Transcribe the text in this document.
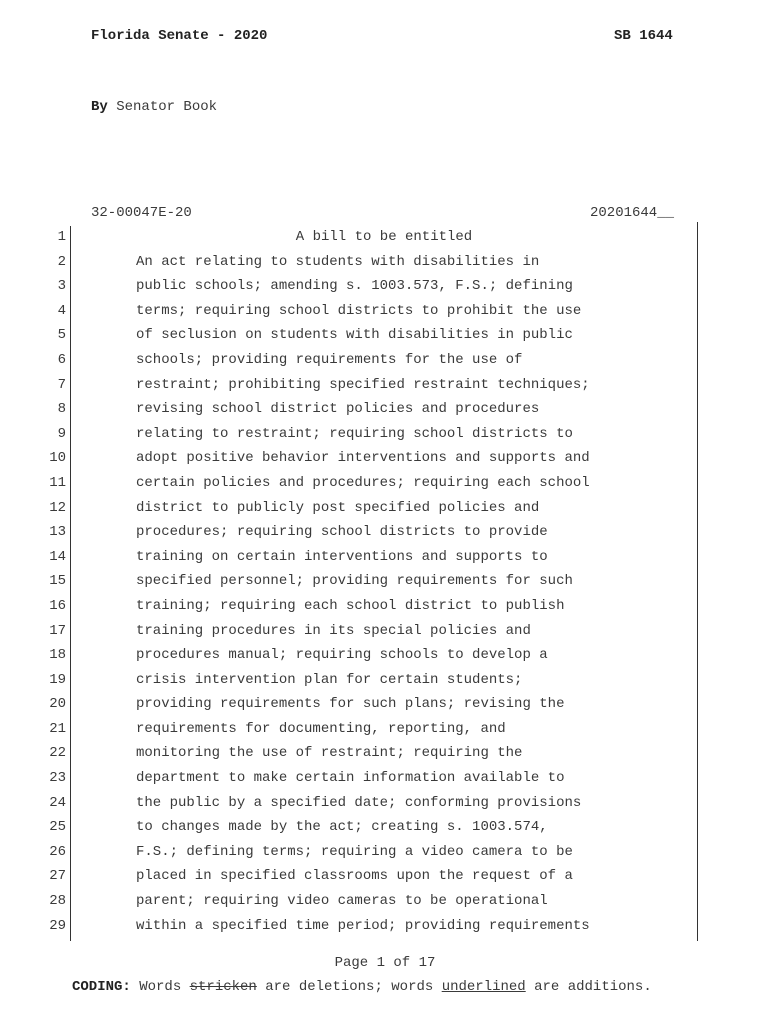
Florida Senate - 2020	SB 1644
By Senator Book
32-00047E-20	20201644__
1	A bill to be entitled
2	An act relating to students with disabilities in
3	public schools; amending s. 1003.573, F.S.; defining
4	terms; requiring school districts to prohibit the use
5	of seclusion on students with disabilities in public
6	schools; providing requirements for the use of
7	restraint; prohibiting specified restraint techniques;
8	revising school district policies and procedures
9	relating to restraint; requiring school districts to
10	adopt positive behavior interventions and supports and
11	certain policies and procedures; requiring each school
12	district to publicly post specified policies and
13	procedures; requiring school districts to provide
14	training on certain interventions and supports to
15	specified personnel; providing requirements for such
16	training; requiring each school district to publish
17	training procedures in its special policies and
18	procedures manual; requiring schools to develop a
19	crisis intervention plan for certain students;
20	providing requirements for such plans; revising the
21	requirements for documenting, reporting, and
22	monitoring the use of restraint; requiring the
23	department to make certain information available to
24	the public by a specified date; conforming provisions
25	to changes made by the act; creating s. 1003.574,
26	F.S.; defining terms; requiring a video camera to be
27	placed in specified classrooms upon the request of a
28	parent; requiring video cameras to be operational
29	within a specified time period; providing requirements
Page 1 of 17
CODING: Words stricken are deletions; words underlined are additions.
